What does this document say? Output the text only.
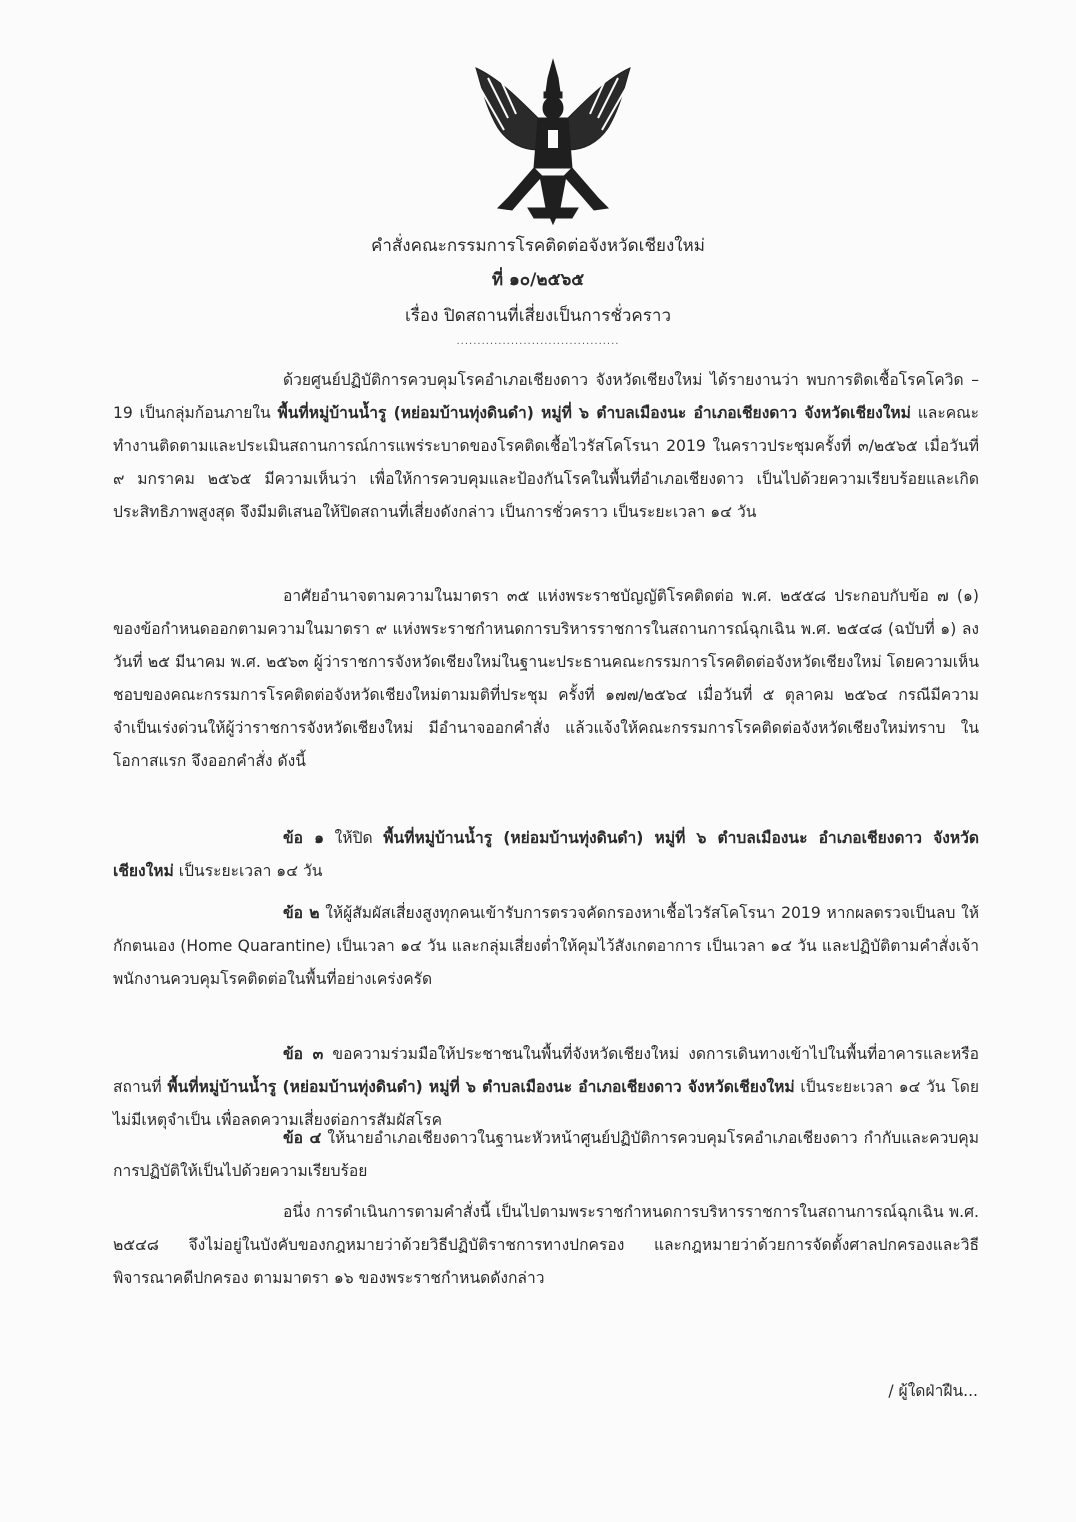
คำสั่งคณะกรรมการโรคติดต่อจังหวัดเชียงใหม่
ที่ ๑๐/๒๕๖๕
เรื่อง ปิดสถานที่เสี่ยงเป็นการชั่วคราว
.......................................

ด้วยศูนย์ปฏิบัติการควบคุมโรคอำเภอเชียงดาว จังหวัดเชียงใหม่ ได้รายงานว่า พบการติดเชื้อโรคโควิด – 19 เป็นกลุ่มก้อนภายใน พื้นที่หมู่บ้านน้ำรู (หย่อมบ้านทุ่งดินดำ) หมู่ที่ ๖ ตำบลเมืองนะ อำเภอเชียงดาว จังหวัดเชียงใหม่ และคณะทำงานติดตามและประเมินสถานการณ์การแพร่ระบาดของโรคติดเชื้อไวรัสโคโรนา 2019 ในคราวประชุมครั้งที่ ๓/๒๕๖๕ เมื่อวันที่ ๙ มกราคม ๒๕๖๕ มีความเห็นว่า เพื่อให้การควบคุมและป้องกันโรคในพื้นที่อำเภอเชียงดาว เป็นไปด้วยความเรียบร้อยและเกิดประสิทธิภาพสูงสุด จึงมีมติเสนอให้ปิดสถานที่เสี่ยงดังกล่าว เป็นการชั่วคราว เป็นระยะเวลา ๑๔ วัน

อาศัยอำนาจตามความในมาตรา ๓๕ แห่งพระราชบัญญัติโรคติดต่อ พ.ศ. ๒๕๕๘ ประกอบกับข้อ ๗ (๑) ของข้อกำหนดออกตามความในมาตรา ๙ แห่งพระราชกำหนดการบริหารราชการในสถานการณ์ฉุกเฉิน พ.ศ. ๒๕๔๘ (ฉบับที่ ๑) ลงวันที่ ๒๕ มีนาคม พ.ศ. ๒๕๖๓ ผู้ว่าราชการจังหวัดเชียงใหม่ในฐานะประธานคณะกรรมการโรคติดต่อจังหวัดเชียงใหม่ โดยความเห็นชอบของคณะกรรมการโรคติดต่อจังหวัดเชียงใหม่ตามมติที่ประชุม ครั้งที่ ๑๗๗/๒๕๖๔ เมื่อวันที่ ๕ ตุลาคม ๒๕๖๔ กรณีมีความจำเป็นเร่งด่วนให้ผู้ว่าราชการจังหวัดเชียงใหม่ มีอำนาจออกคำสั่ง แล้วแจ้งให้คณะกรรมการโรคติดต่อจังหวัดเชียงใหม่ทราบ ในโอกาสแรก จึงออกคำสั่ง ดังนี้

ข้อ ๑ ให้ปิด พื้นที่หมู่บ้านน้ำรู (หย่อมบ้านทุ่งดินดำ) หมู่ที่ ๖ ตำบลเมืองนะ อำเภอเชียงดาว จังหวัดเชียงใหม่ เป็นระยะเวลา ๑๔ วัน

ข้อ ๒ ให้ผู้สัมผัสเสี่ยงสูงทุกคนเข้ารับการตรวจคัดกรองหาเชื้อไวรัสโคโรนา 2019 หากผลตรวจเป็นลบ ให้กักตนเอง (Home Quarantine) เป็นเวลา ๑๔ วัน และกลุ่มเสี่ยงต่ำให้คุมไว้สังเกตอาการ เป็นเวลา ๑๔ วัน และปฏิบัติตามคำสั่งเจ้าพนักงานควบคุมโรคติดต่อในพื้นที่อย่างเคร่งครัด

ข้อ ๓ ขอความร่วมมือให้ประชาชนในพื้นที่จังหวัดเชียงใหม่ งดการเดินทางเข้าไปในพื้นที่อาคารและหรือสถานที่ พื้นที่หมู่บ้านน้ำรู (หย่อมบ้านทุ่งดินดำ) หมู่ที่ ๖ ตำบลเมืองนะ อำเภอเชียงดาว จังหวัดเชียงใหม่ เป็นระยะเวลา ๑๔ วัน โดยไม่มีเหตุจำเป็น เพื่อลดความเสี่ยงต่อการสัมผัสโรค

ข้อ ๔ ให้นายอำเภอเชียงดาวในฐานะหัวหน้าศูนย์ปฏิบัติการควบคุมโรคอำเภอเชียงดาว กำกับและควบคุมการปฏิบัติให้เป็นไปด้วยความเรียบร้อย

อนึ่ง การดำเนินการตามคำสั่งนี้ เป็นไปตามพระราชกำหนดการบริหารราชการในสถานการณ์ฉุกเฉิน พ.ศ. ๒๕๔๘ จึงไม่อยู่ในบังคับของกฎหมายว่าด้วยวิธีปฏิบัติราชการทางปกครอง และกฎหมายว่าด้วยการจัดตั้งศาลปกครองและวิธีพิจารณาคดีปกครอง ตามมาตรา ๑๖ ของพระราชกำหนดดังกล่าว

/ ผู้ใดฝ่าฝืน...
